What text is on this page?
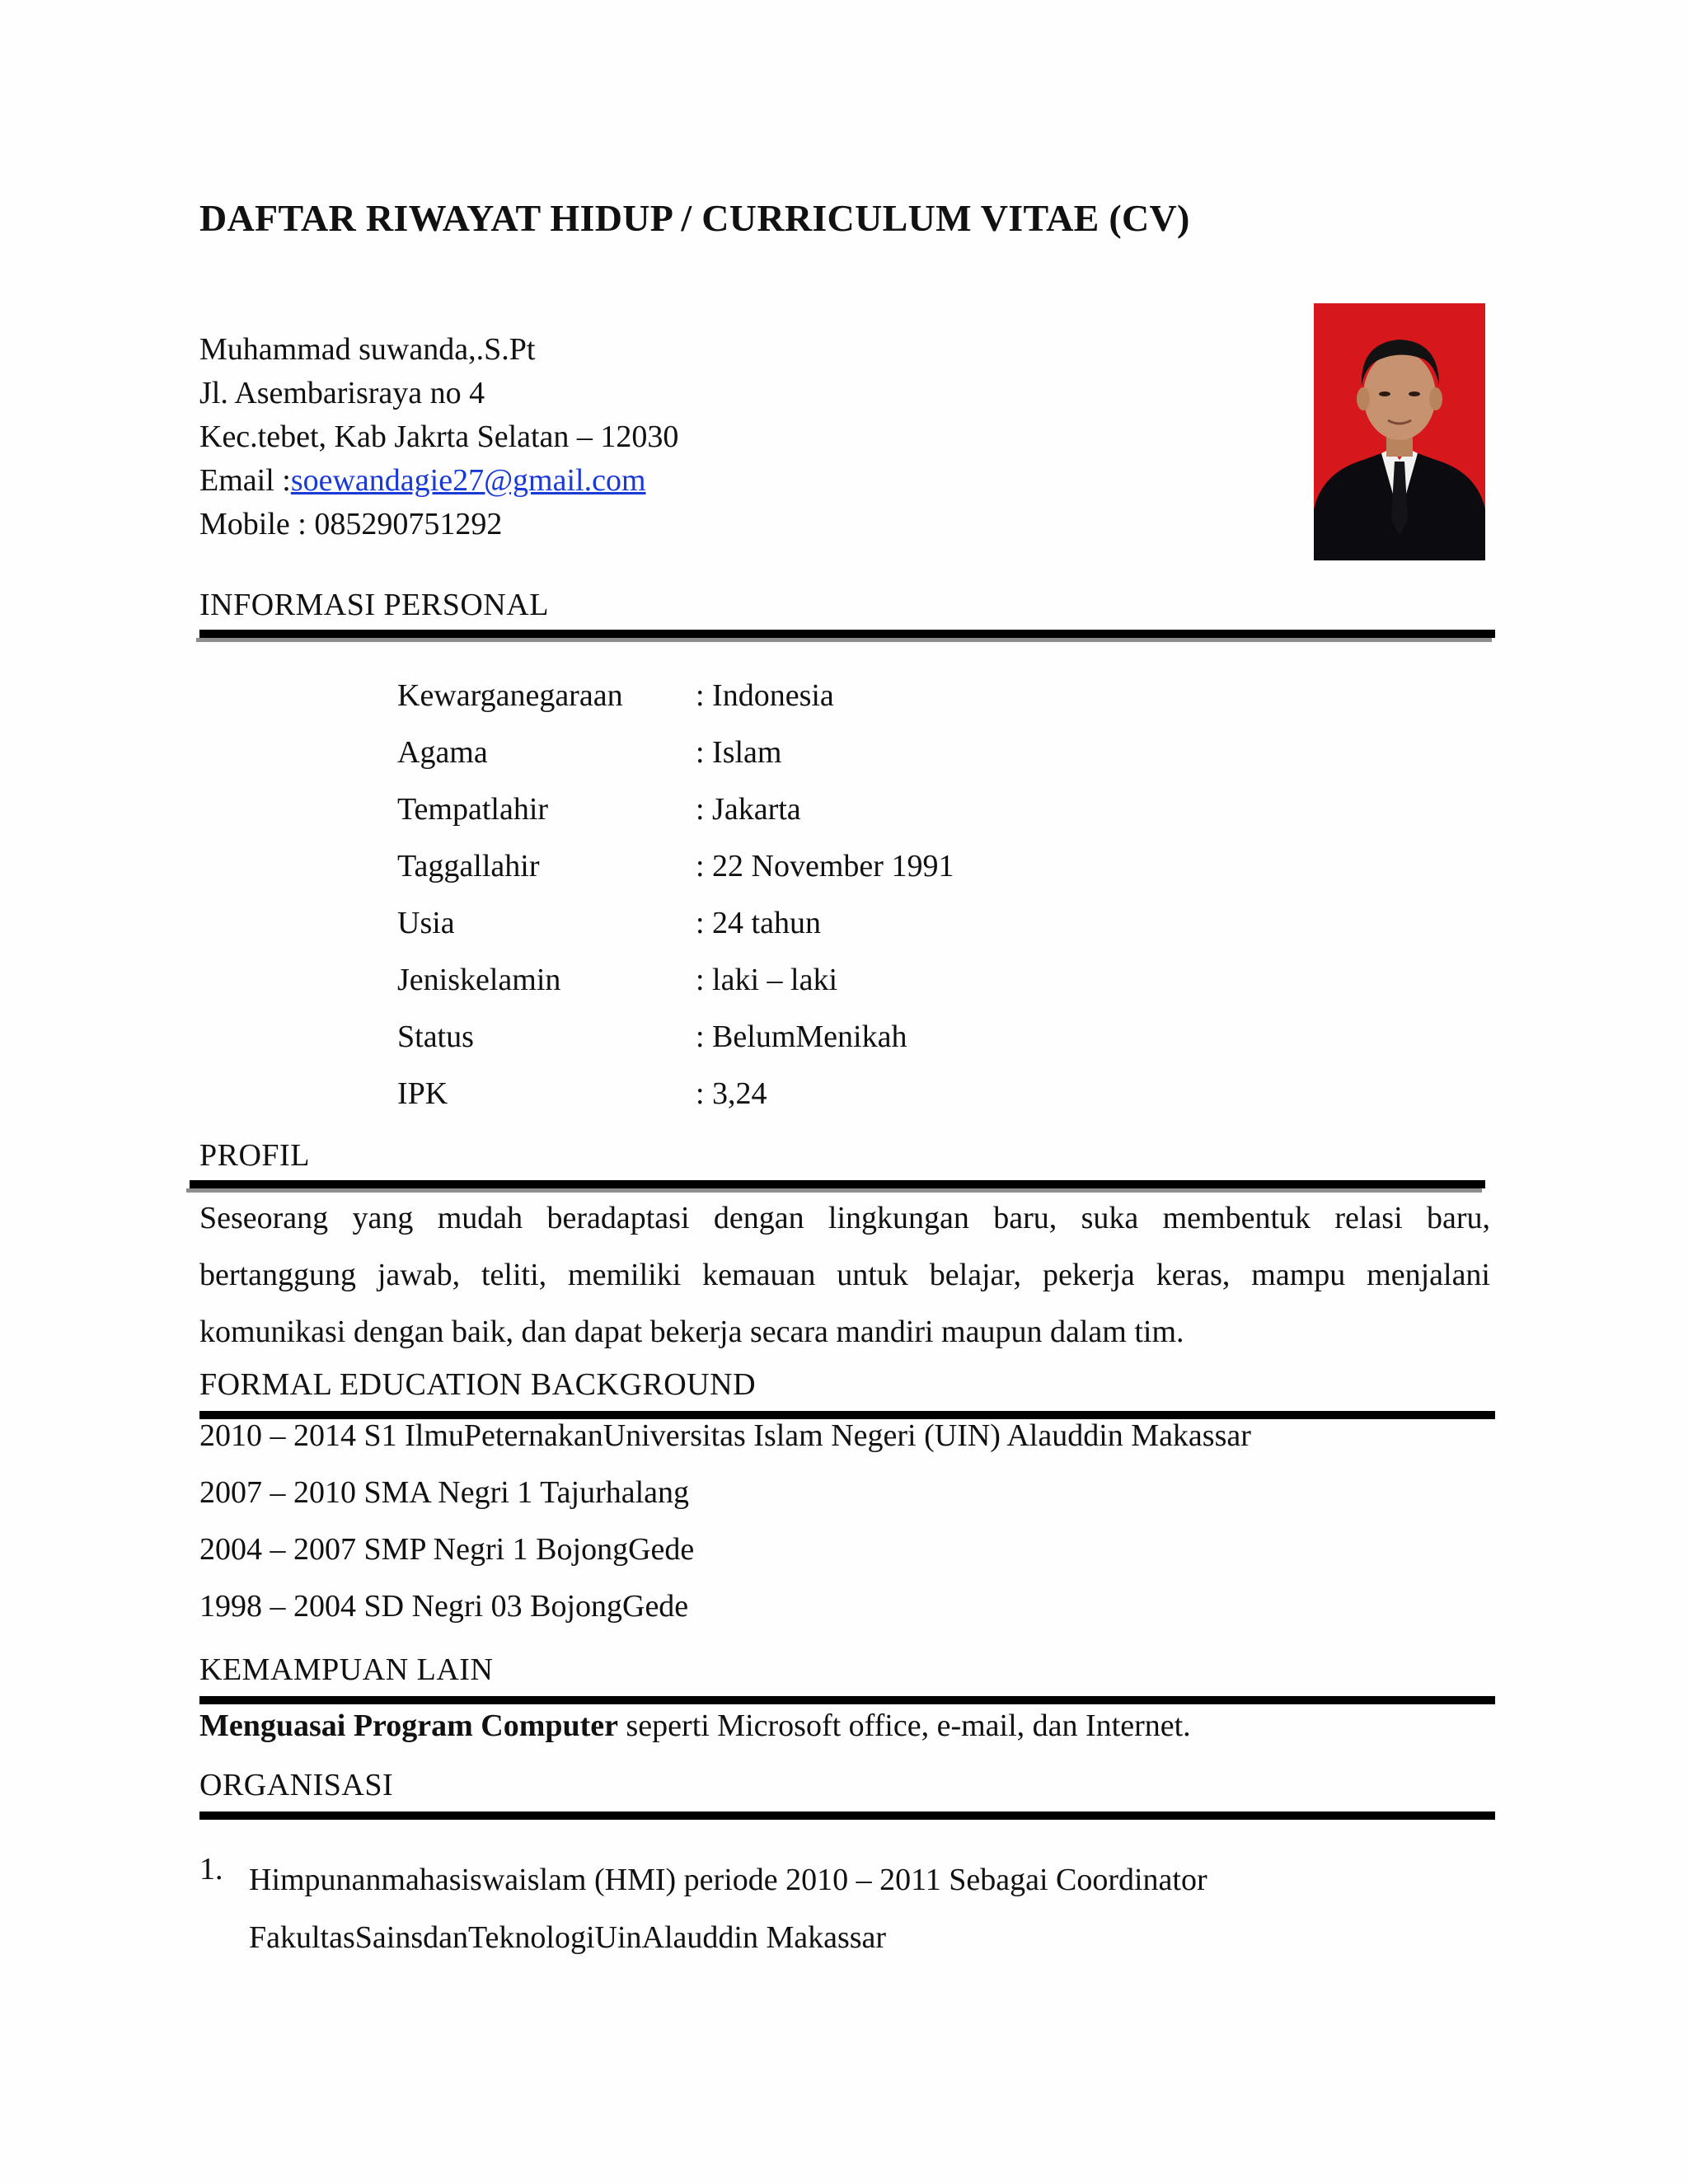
DAFTAR RIWAYAT HIDUP / CURRICULUM VITAE (CV)
Muhammad suwanda,.S.Pt
Jl. Asembarisraya no 4
Kec.tebet, Kab Jakrta Selatan – 12030
Email :soewandagie27@gmail.com
Mobile : 085290751292
INFORMASI PERSONAL
Kewarganegaraan : Indonesia
Agama	: Islam
Tempatlahir	: Jakarta
Taggallahir	: 22 November 1991
Usia	: 24 tahun
Jeniskelamin	: laki – laki
Status	: BelumMenikah
IPK	: 3,24
PROFIL
Seseorang yang mudah beradaptasi dengan lingkungan baru, suka membentuk relasi baru, bertanggung jawab, teliti, memiliki kemauan untuk belajar, pekerja keras, mampu menjalani komunikasi dengan baik, dan dapat bekerja secara mandiri maupun dalam tim.
FORMAL EDUCATION BACKGROUND
2010 – 2014 S1 IlmuPeternakanUniversitas Islam Negeri (UIN) Alauddin Makassar
2007 – 2010 SMA Negri 1 Tajurhalang
2004 – 2007 SMP Negri 1 BojongGede
1998 – 2004 SD Negri 03 BojongGede
KEMAMPUAN LAIN
Menguasai Program Computer seperti Microsoft office, e-mail, dan Internet.
ORGANISASI
1. Himpunanmahasiswaislam (HMI) periode 2010 – 2011 Sebagai Coordinator
FakultasSainsdanTeknologiUinAlauddin Makassar
